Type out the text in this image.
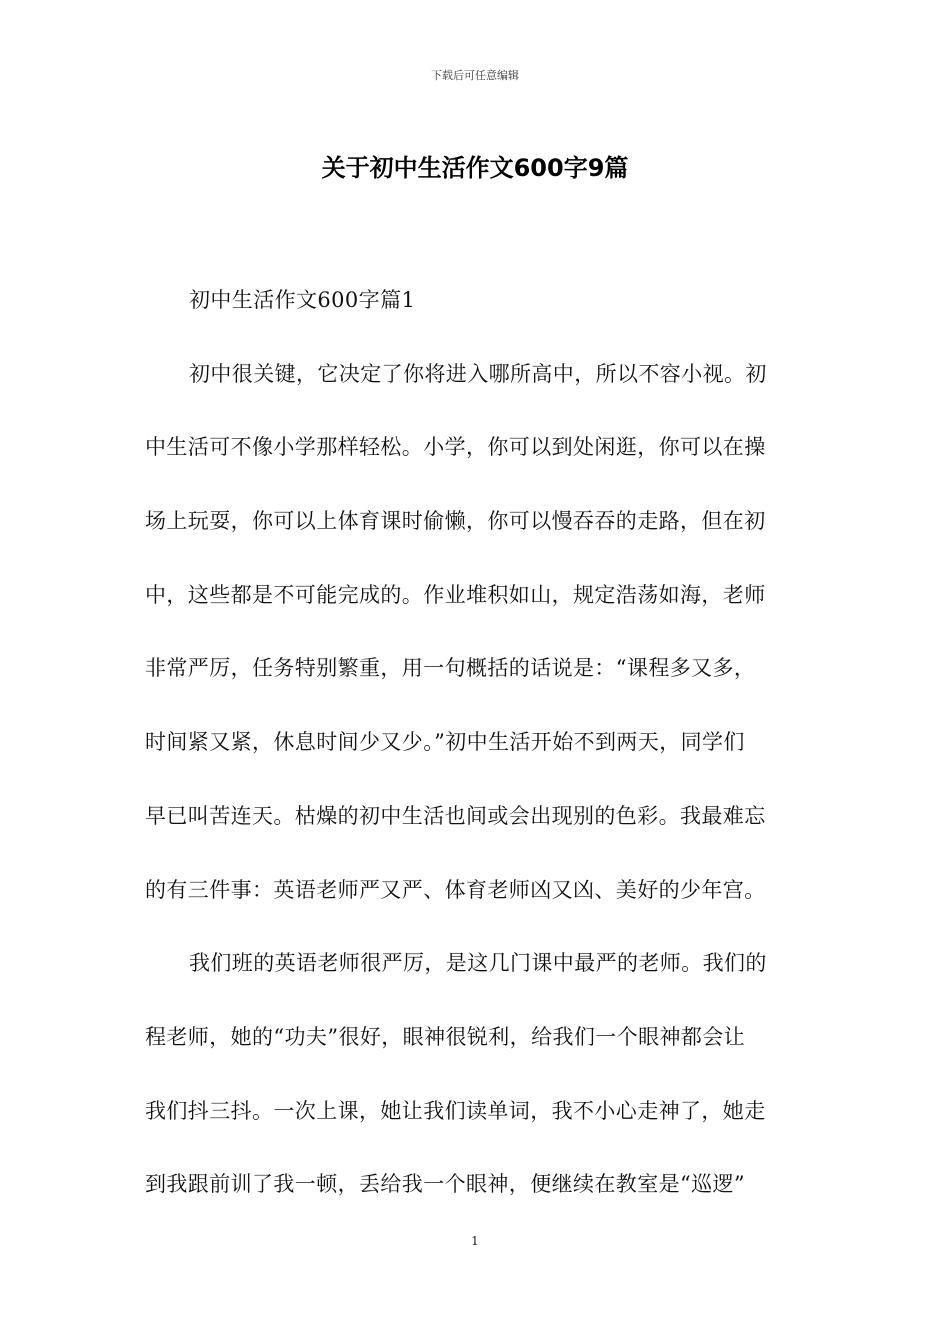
下载后可任意编辑
关于初中生活作文600字9篇
初中生活作文600字篇1
初中很关键，它决定了你将进入哪所高中，所以不容小视。初
中生活可不像小学那样轻松。小学，你可以到处闲逛，你可以在操
场上玩耍，你可以上体育课时偷懒，你可以慢吞吞的走路，但在初
中，这些都是不可能完成的。作业堆积如山，规定浩荡如海，老师
非常严厉，任务特别繁重，用一句概括的话说是：“课程多又多，
时间紧又紧，休息时间少又少。”初中生活开始不到两天，同学们
早已叫苦连天。枯燥的初中生活也间或会出现别的色彩。我最难忘
的有三件事：英语老师严又严、体育老师凶又凶、美好的少年宫。
我们班的英语老师很严厉，是这几门课中最严的老师。我们的
程老师，她的“功夫”很好，眼神很锐利，给我们一个眼神都会让
我们抖三抖。一次上课，她让我们读单词，我不小心走神了，她走
到我跟前训了我一顿，丢给我一个眼神，便继续在教室是“巡逻”
1
